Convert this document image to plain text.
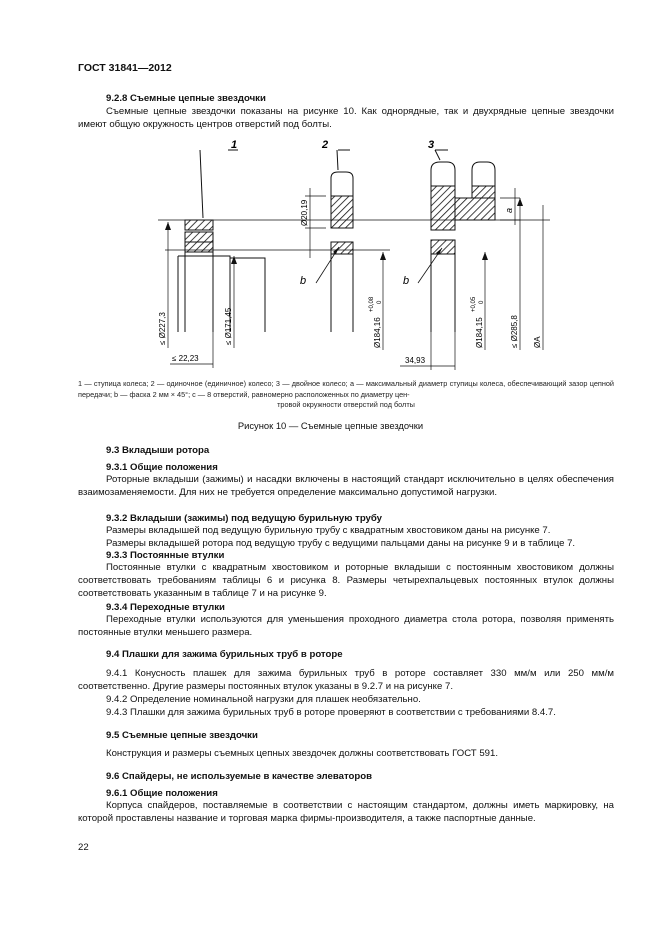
ГОСТ 31841—2012
9.2.8 Съемные цепные звездочки
Съемные цепные звездочки показаны на рисунке 10. Как однорядные, так и двухрядные цепные звездочки имеют общую окружность центров отверстий под болты.
1	2	3
b	b
a
≤ Ø227,3	≤ Ø171,45
Ø20,19
Ø184,16
+0,08 0
Ø184,15
+0,05 0
≤ Ø285,8 ØA
≤ 22,23	34,93
1 — ступица колеса; 2 — одиночное (единичное) колесо; 3 — двойное колесо; a — максимальный диаметр ступицы колеса, обеспечивающий зазор цепной передачи; b — фаска 2 мм × 45°; c — 8 отверстий, равномерно расположенных по диаметру цен-
тровой окружности отверстий под болты
Рисунок 10 — Съемные цепные звездочки
9.3 Вкладыши ротора
9.3.1 Общие положения
Роторные вкладыши (зажимы) и насадки включены в настоящий стандарт исключительно в целях обеспечения взаимозаменяемости. Для них не требуется определение максимально допустимой нагрузки.
9.3.2 Вкладыши (зажимы) под ведущую бурильную трубу
Размеры вкладышей под ведущую бурильную трубу с квадратным хвостовиком даны на рисунке 7.
Размеры вкладышей ротора под ведущую трубу с ведущими пальцами даны на рисунке 9 и в таблице 7.
9.3.3 Постоянные втулки
Постоянные втулки с квадратным хвостовиком и роторные вкладыши с постоянным хвостовиком должны соответствовать требованиям таблицы 6 и рисунка 8. Размеры четырехпальцевых постоянных втулок должны соответствовать указанным в таблице 7 и на рисунке 9.
9.3.4 Переходные втулки
Переходные втулки используются для уменьшения проходного диаметра стола ротора, позволяя применять постоянные втулки меньшего размера.
9.4 Плашки для зажима бурильных труб в роторе
9.4.1 Конусность плашек для зажима бурильных труб в роторе составляет 330 мм/м или 250 мм/м соответственно. Другие размеры постоянных втулок указаны в 9.2.7 и на рисунке 7.
9.4.2 Определение номинальной нагрузки для плашек необязательно.
9.4.3 Плашки для зажима бурильных труб в роторе проверяют в соответствии с требованиями 8.4.7.
9.5 Съемные цепные звездочки
Конструкция и размеры съемных цепных звездочек должны соответствовать ГОСТ 591.
9.6 Спайдеры, не используемые в качестве элеваторов
9.6.1 Общие положения
Корпуса спайдеров, поставляемые в соответствии с настоящим стандартом, должны иметь маркировку, на которой проставлены название и торговая марка фирмы-производителя, а также паспортные данные.
22
